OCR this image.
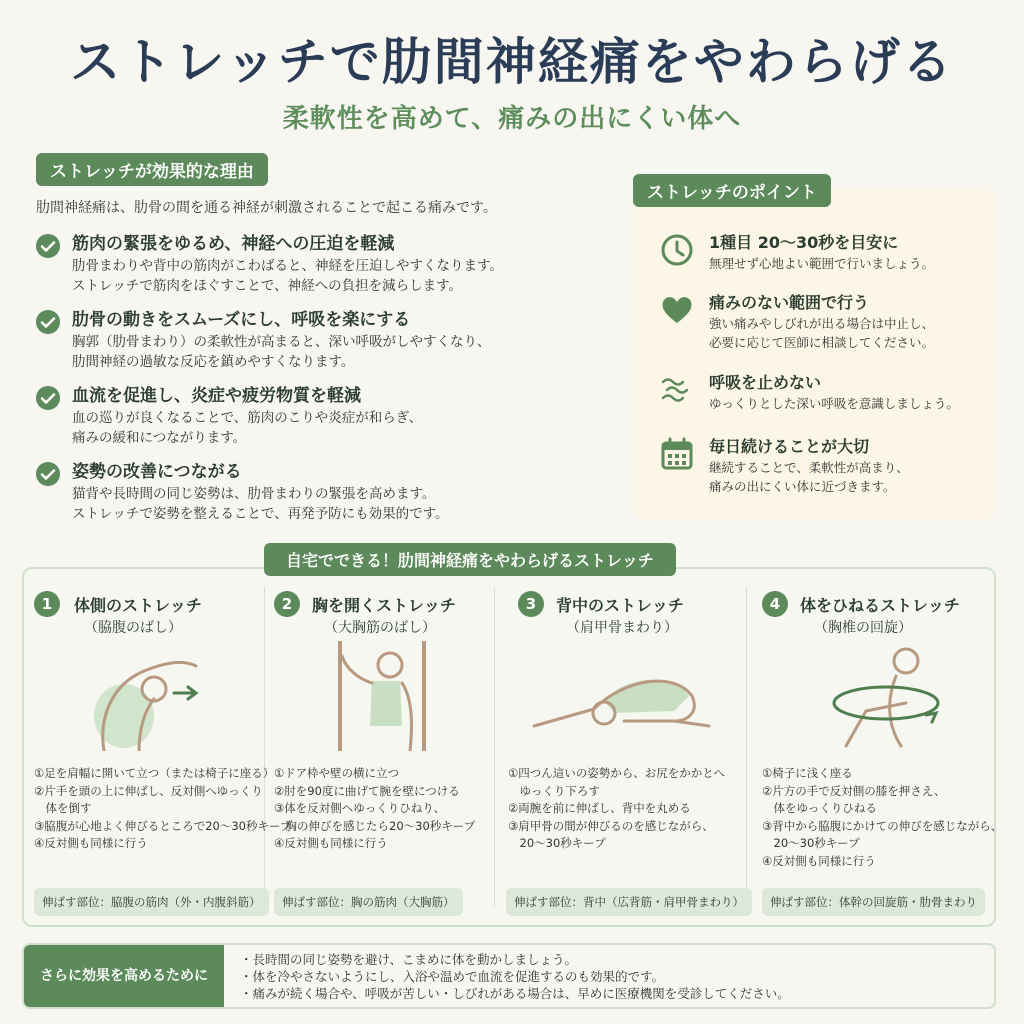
ストレッチで肋間神経痛をやわらげる
柔軟性を高めて、痛みの出にくい体へ
ストレッチが効果的な理由
肋間神経痛は、肋骨の間を通る神経が刺激されることで起こる痛みです。
筋肉の緊張をゆるめ、神経への圧迫を軽減
肋骨まわりや背中の筋肉がこわばると、神経を圧迫しやすくなります。
ストレッチで筋肉をほぐすことで、神経への負担を減らします。
肋骨の動きをスムーズにし、呼吸を楽にする
胸郭（肋骨まわり）の柔軟性が高まると、深い呼吸がしやすくなり、
肋間神経の過敏な反応を鎮めやすくなります。
血流を促進し、炎症や疲労物質を軽減
血の巡りが良くなることで、筋肉のこりや炎症が和らぎ、
痛みの緩和につながります。
姿勢の改善につながる
猫背や長時間の同じ姿勢は、肋骨まわりの緊張を高めます。
ストレッチで姿勢を整えることで、再発予防にも効果的です。
1種目 20〜30秒を目安に
無理せず心地よい範囲で行いましょう。
痛みのない範囲で行う
強い痛みやしびれが出る場合は中止し、
必要に応じて医師に相談してください。
呼吸を止めない
ゆっくりとした深い呼吸を意識しましょう。
毎日続けることが大切
継続することで、柔軟性が高まり、
痛みの出にくい体に近づきます。
ストレッチのポイント
1	体側のストレッチ
（脇腹のばし）
①足を肩幅に開いて立つ（または椅子に座る）
②片手を頭の上に伸ばし、反対側へゆっくり
　体を倒す
③脇腹が心地よく伸びるところで20〜30秒キープ
④反対側も同様に行う
伸ばす部位：脇腹の筋肉（外・内腹斜筋）
2	胸を開くストレッチ
（大胸筋のばし）
①ドア枠や壁の横に立つ
②肘を90度に曲げて腕を壁につける
③体を反対側へゆっくりひねり、
　胸の伸びを感じたら20〜30秒キープ
④反対側も同様に行う
伸ばす部位：胸の筋肉（大胸筋）
3	背中のストレッチ
（肩甲骨まわり）
①四つん這いの姿勢から、お尻をかかとへ
　ゆっくり下ろす
②両腕を前に伸ばし、背中を丸める
③肩甲骨の間が伸びるのを感じながら、
　20〜30秒キープ
伸ばす部位：背中（広背筋・肩甲骨まわり）
4	体をひねるストレッチ
（胸椎の回旋）
①椅子に浅く座る
②片方の手で反対側の膝を押さえ、
　体をゆっくりひねる
③背中から脇腹にかけての伸びを感じながら、
　20〜30秒キープ
④反対側も同様に行う
伸ばす部位：体幹の回旋筋・肋骨まわり
自宅でできる！肋間神経痛をやわらげるストレッチ
さらに効果を高めるために
・長時間の同じ姿勢を避け、こまめに体を動かしましょう。
・体を冷やさないようにし、入浴や温めで血流を促進するのも効果的です。
・痛みが続く場合や、呼吸が苦しい・しびれがある場合は、早めに医療機関を受診してください。
